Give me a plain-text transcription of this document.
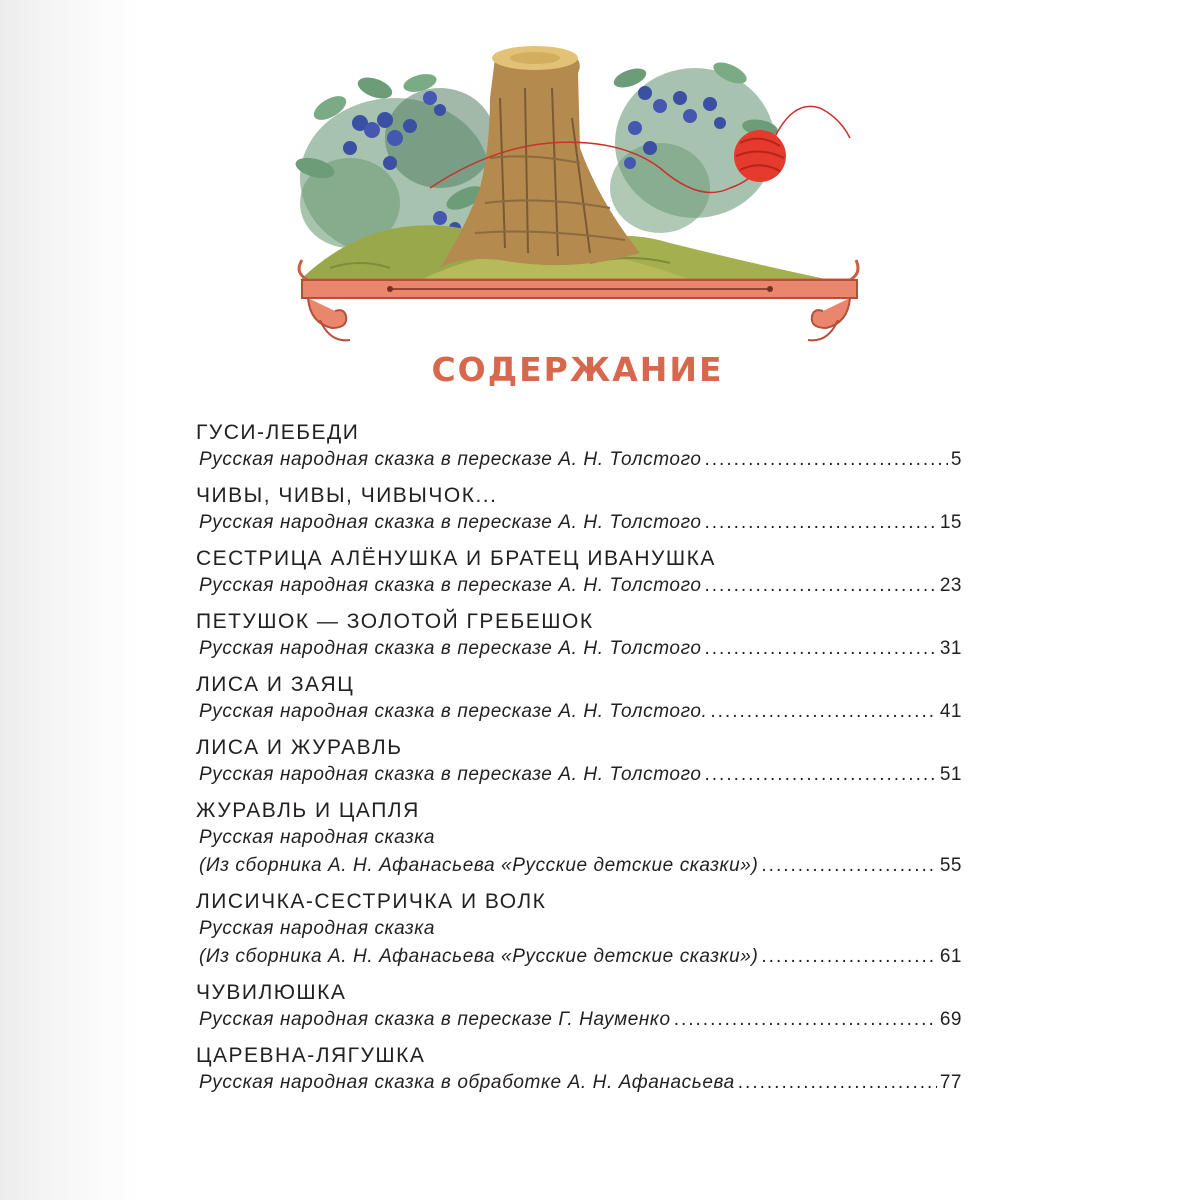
СОДЕРЖАНИЕ
ГУСИ-ЛЕБЕДИ
Русская народная сказка в пересказе А. Н. Толстого .....	5
ЧИВЫ, ЧИВЫ, ЧИВЫЧОК...
Русская народная сказка в пересказе А. Н. Толстого .....	15
СЕСТРИЦА АЛЁНУШКА И БРАТЕЦ ИВАНУШКА
Русская народная сказка в пересказе А. Н. Толстого .....	23
ПЕТУШОК — ЗОЛОТОЙ ГРЕБЕШОК
Русская народная сказка в пересказе А. Н. Толстого .....	31
ЛИСА И ЗАЯЦ
Русская народная сказка в пересказе А. Н. Толстого. .....	41
ЛИСА И ЖУРАВЛЬ
Русская народная сказка в пересказе А. Н. Толстого .....	51
ЖУРАВЛЬ И ЦАПЛЯ
Русская народная сказка
(Из сборника А. Н. Афанасьева «Русские детские сказки») .....	55
ЛИСИЧКА-СЕСТРИЧКА И ВОЛК
Русская народная сказка
(Из сборника А. Н. Афанасьева «Русские детские сказки») .....	61
ЧУВИЛЮШКА
Русская народная сказка в пересказе Г. Науменко .....	69
ЦАРЕВНА-ЛЯГУШКА
Русская народная сказка в обработке А. Н. Афанасьева .....	77
